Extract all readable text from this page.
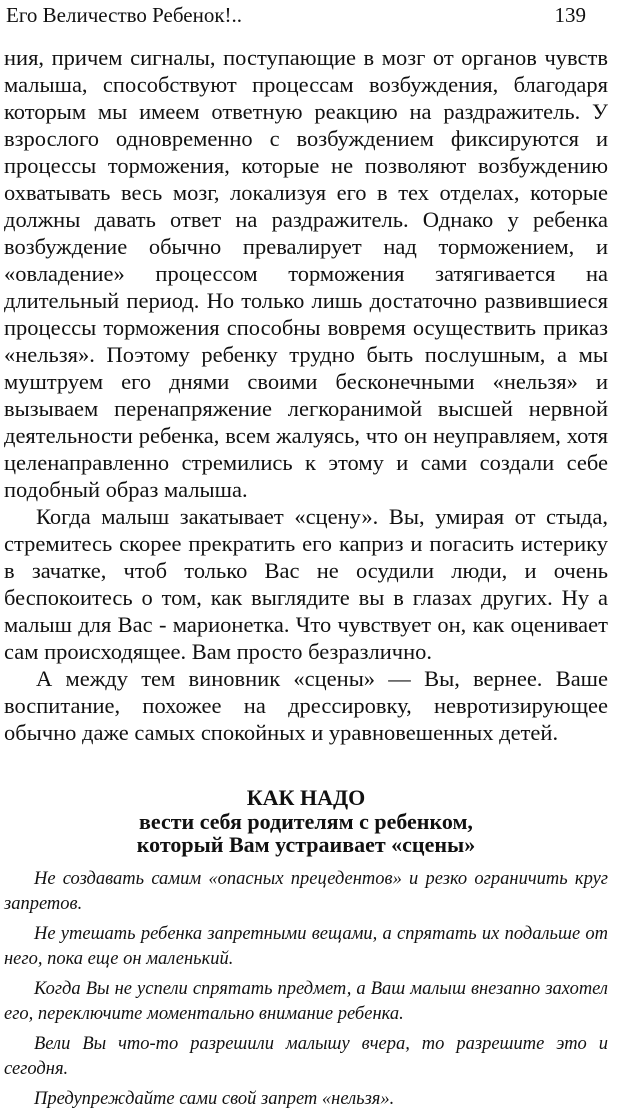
Его Величество Ребенок!..	139

ния, причем сигналы, поступающие в мозг от органов чувств малыша, способствуют процессам возбуждения, благодаря которым мы имеем ответную реакцию на раздражитель. У взрослого одновременно с возбуждением фиксируются и процессы торможения, которые не позволяют возбуждению охватывать весь мозг, локализуя его в тех отделах, которые должны давать ответ на раздражитель. Однако у ребенка возбуждение обычно превалирует над торможением, и «овладение» процессом торможения затягивается на длительный период. Но только лишь достаточно развившиеся процессы торможения способны вовремя осуществить приказ «нельзя». Поэтому ребенку трудно быть послушным, а мы муштруем его днями своими бесконечными «нельзя» и вызываем перенапряжение легкоранимой высшей нервной деятельности ребенка, всем жалуясь, что он неуправляем, хотя целенаправленно стремились к этому и сами создали себе подобный образ малыша.

Когда малыш закатывает «сцену». Вы, умирая от стыда, стремитесь скорее прекратить его каприз и погасить истерику в зачатке, чтоб только Вас не осудили люди, и очень беспокоитесь о том, как выглядите вы в глазах других. Ну а малыш для Вас - марионетка. Что чувствует он, как оценивает сам происходящее. Вам просто безразлично.

А между тем виновник «сцены» — Вы, вернее. Ваше воспитание, похожее на дрессировку, невротизирующее обычно даже самых спокойных и уравновешенных детей.

КАК НАДО
вести себя родителям с ребенком,
который Вам устраивает «сцены»

Не создавать самим «опасных прецедентов» и резко ограничить круг запретов.

Не утешать ребенка запретными вещами, а спрятать их подальше от него, пока еще он маленький.

Когда Вы не успели спрятать предмет, а Ваш малыш внезапно захотел его, переключите моментально внимание ребенка.

Вели Вы что-то разрешили малышу вчера, то разрешите это и сегодня.

Предупреждайте сами свой запрет «нельзя».
